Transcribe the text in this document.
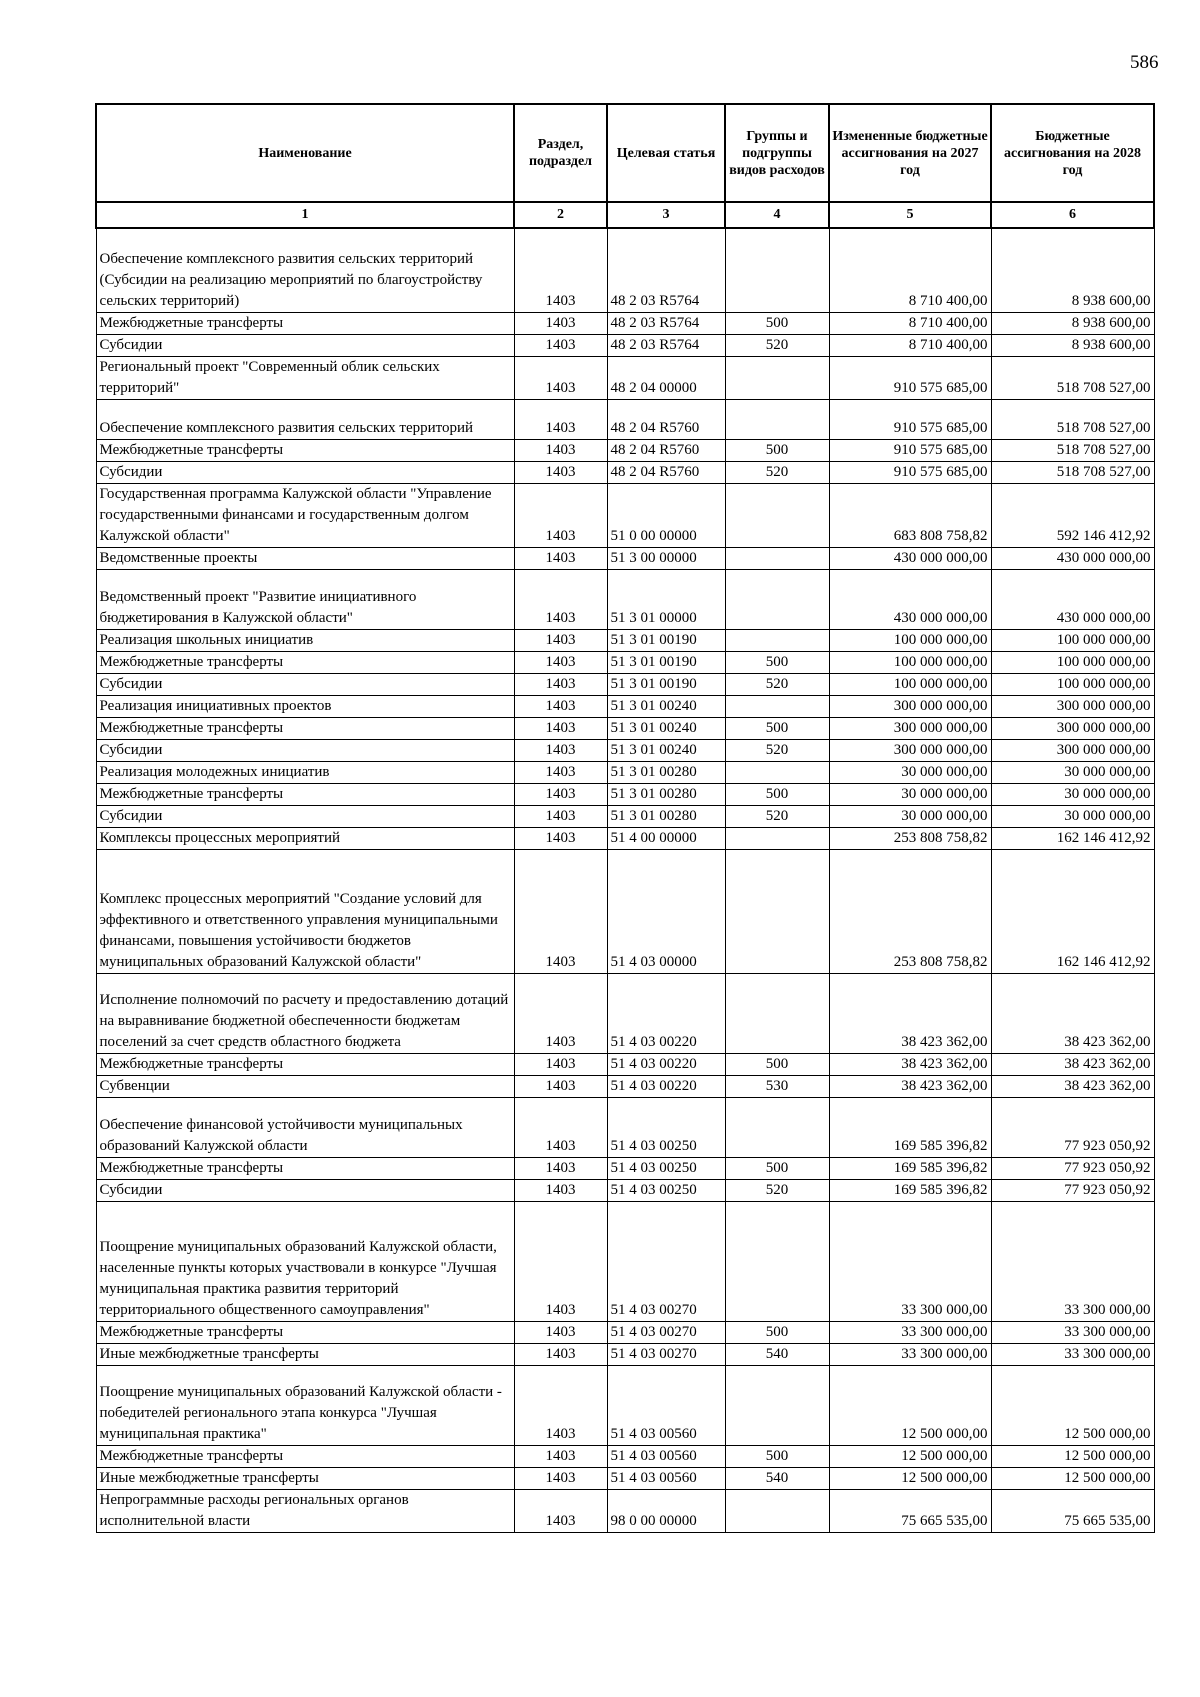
586
Наименование	Раздел, подраздел	Целевая статья	Группы и подгруппы видов расходов	Измененные бюджетные ассигнования на 2027 год	Бюджетные ассигнования на 2028 год
1	2	3	4	5	6
Обеспечение комплексного развития сельских территорий (Субсидии на реализацию мероприятий по благоустройству сельских территорий)	1403	48 2 03 R5764		8 710 400,00	8 938 600,00
Межбюджетные трансферты	1403	48 2 03 R5764	500	8 710 400,00	8 938 600,00
Субсидии	1403	48 2 03 R5764	520	8 710 400,00	8 938 600,00
Региональный проект "Современный облик сельских территорий"	1403	48 2 04 00000		910 575 685,00	518 708 527,00
Обеспечение комплексного развития сельских территорий	1403	48 2 04 R5760		910 575 685,00	518 708 527,00
Межбюджетные трансферты	1403	48 2 04 R5760	500	910 575 685,00	518 708 527,00
Субсидии	1403	48 2 04 R5760	520	910 575 685,00	518 708 527,00
Государственная программа Калужской области "Управление государственными финансами и государственным долгом Калужской области"	1403	51 0 00 00000		683 808 758,82	592 146 412,92
Ведомственные проекты	1403	51 3 00 00000		430 000 000,00	430 000 000,00
Ведомственный проект "Развитие инициативного бюджетирования в Калужской области"	1403	51 3 01 00000		430 000 000,00	430 000 000,00
Реализация школьных инициатив	1403	51 3 01 00190		100 000 000,00	100 000 000,00
Межбюджетные трансферты	1403	51 3 01 00190	500	100 000 000,00	100 000 000,00
Субсидии	1403	51 3 01 00190	520	100 000 000,00	100 000 000,00
Реализация инициативных проектов	1403	51 3 01 00240		300 000 000,00	300 000 000,00
Межбюджетные трансферты	1403	51 3 01 00240	500	300 000 000,00	300 000 000,00
Субсидии	1403	51 3 01 00240	520	300 000 000,00	300 000 000,00
Реализация молодежных инициатив	1403	51 3 01 00280		30 000 000,00	30 000 000,00
Межбюджетные трансферты	1403	51 3 01 00280	500	30 000 000,00	30 000 000,00
Субсидии	1403	51 3 01 00280	520	30 000 000,00	30 000 000,00
Комплексы процессных мероприятий	1403	51 4 00 00000		253 808 758,82	162 146 412,92
Комплекс процессных мероприятий "Создание условий для эффективного и ответственного управления муниципальными финансами, повышения устойчивости бюджетов муниципальных образований Калужской области"	1403	51 4 03 00000		253 808 758,82	162 146 412,92
Исполнение полномочий по расчету и предоставлению дотаций на выравнивание бюджетной обеспеченности бюджетам поселений за счет средств областного бюджета	1403	51 4 03 00220		38 423 362,00	38 423 362,00
Межбюджетные трансферты	1403	51 4 03 00220	500	38 423 362,00	38 423 362,00
Субвенции	1403	51 4 03 00220	530	38 423 362,00	38 423 362,00
Обеспечение финансовой устойчивости муниципальных образований Калужской области	1403	51 4 03 00250		169 585 396,82	77 923 050,92
Межбюджетные трансферты	1403	51 4 03 00250	500	169 585 396,82	77 923 050,92
Субсидии	1403	51 4 03 00250	520	169 585 396,82	77 923 050,92
Поощрение муниципальных образований Калужской области, населенные пункты которых участвовали в конкурсе "Лучшая муниципальная практика развития территорий территориального общественного самоуправления"	1403	51 4 03 00270		33 300 000,00	33 300 000,00
Межбюджетные трансферты	1403	51 4 03 00270	500	33 300 000,00	33 300 000,00
Иные межбюджетные трансферты	1403	51 4 03 00270	540	33 300 000,00	33 300 000,00
Поощрение муниципальных образований Калужской области - победителей регионального этапа конкурса "Лучшая муниципальная практика"	1403	51 4 03 00560		12 500 000,00	12 500 000,00
Межбюджетные трансферты	1403	51 4 03 00560	500	12 500 000,00	12 500 000,00
Иные межбюджетные трансферты	1403	51 4 03 00560	540	12 500 000,00	12 500 000,00
Непрограммные расходы региональных органов исполнительной власти	1403	98 0 00 00000		75 665 535,00	75 665 535,00
